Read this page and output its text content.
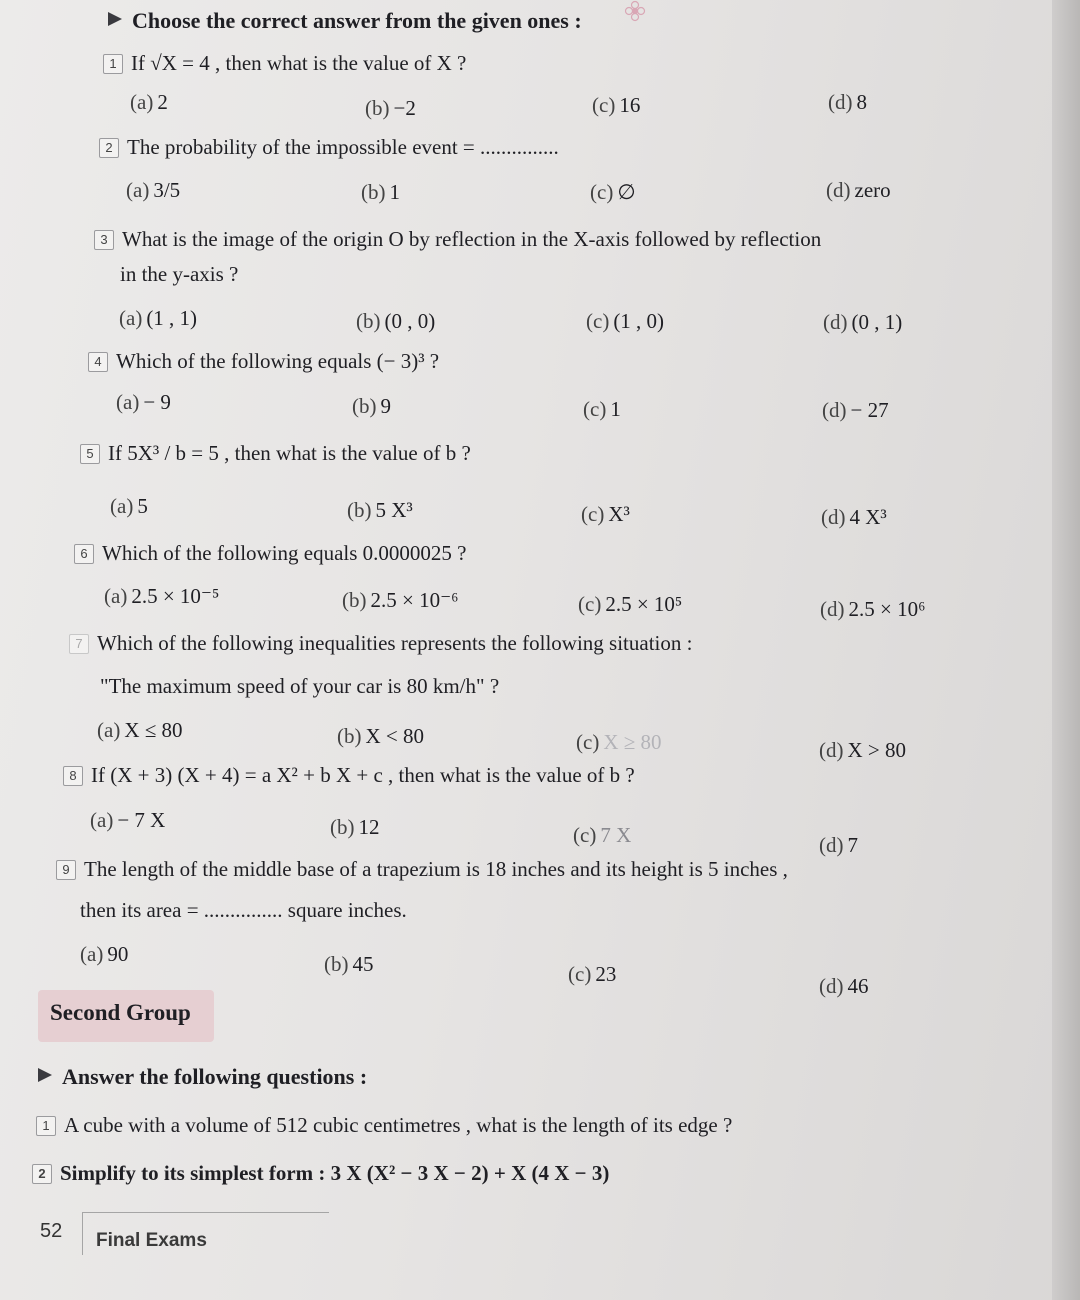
Choose the correct answer from the given ones :
1 If √X = 4 , then what is the value of X ?
(a) 2	(b) −2	(c) 16	(d) 8
2 The probability of the impossible event = ...............
(a) 3/5	(b) 1	(c) ∅	(d) zero
3 What is the image of the origin O by reflection in the X-axis followed by reflection
in the y-axis ?
(a) (1 , 1)	(b) (0 , 0)	(c) (1 , 0)	(d) (0 , 1)
4 Which of the following equals (− 3)³ ?
(a) − 9	(b) 9	(c) 1	(d) − 27
5 If 5X³ / b = 5 , then what is the value of b ?
(a) 5	(b) 5 X³	(c) X³	(d) 4 X³
6 Which of the following equals 0.0000025 ?
(a) 2.5 × 10⁻⁵	(b) 2.5 × 10⁻⁶	(c) 2.5 × 10⁵	(d) 2.5 × 10⁶
7 Which of the following inequalities represents the following situation :
"The maximum speed of your car is 80 km/h" ?
(a) X ≤ 80	(b) X < 80	(c) X ≥ 80	(d) X > 80
8 If (X + 3) (X + 4) = a X² + b X + c , then what is the value of b ?
(a) − 7 X	(b) 12	(c) 7 X	(d) 7
9 The length of the middle base of a trapezium is 18 inches and its height is 5 inches ,
then its area = ............... square inches.
(a) 90	(b) 45	(c) 23	(d) 46
Second Group
Answer the following questions :
1 A cube with a volume of 512 cubic centimetres , what is the length of its edge ?
2 Simplify to its simplest form : 3 X (X² − 3 X − 2) + X (4 X − 3)
52 Final Exams
